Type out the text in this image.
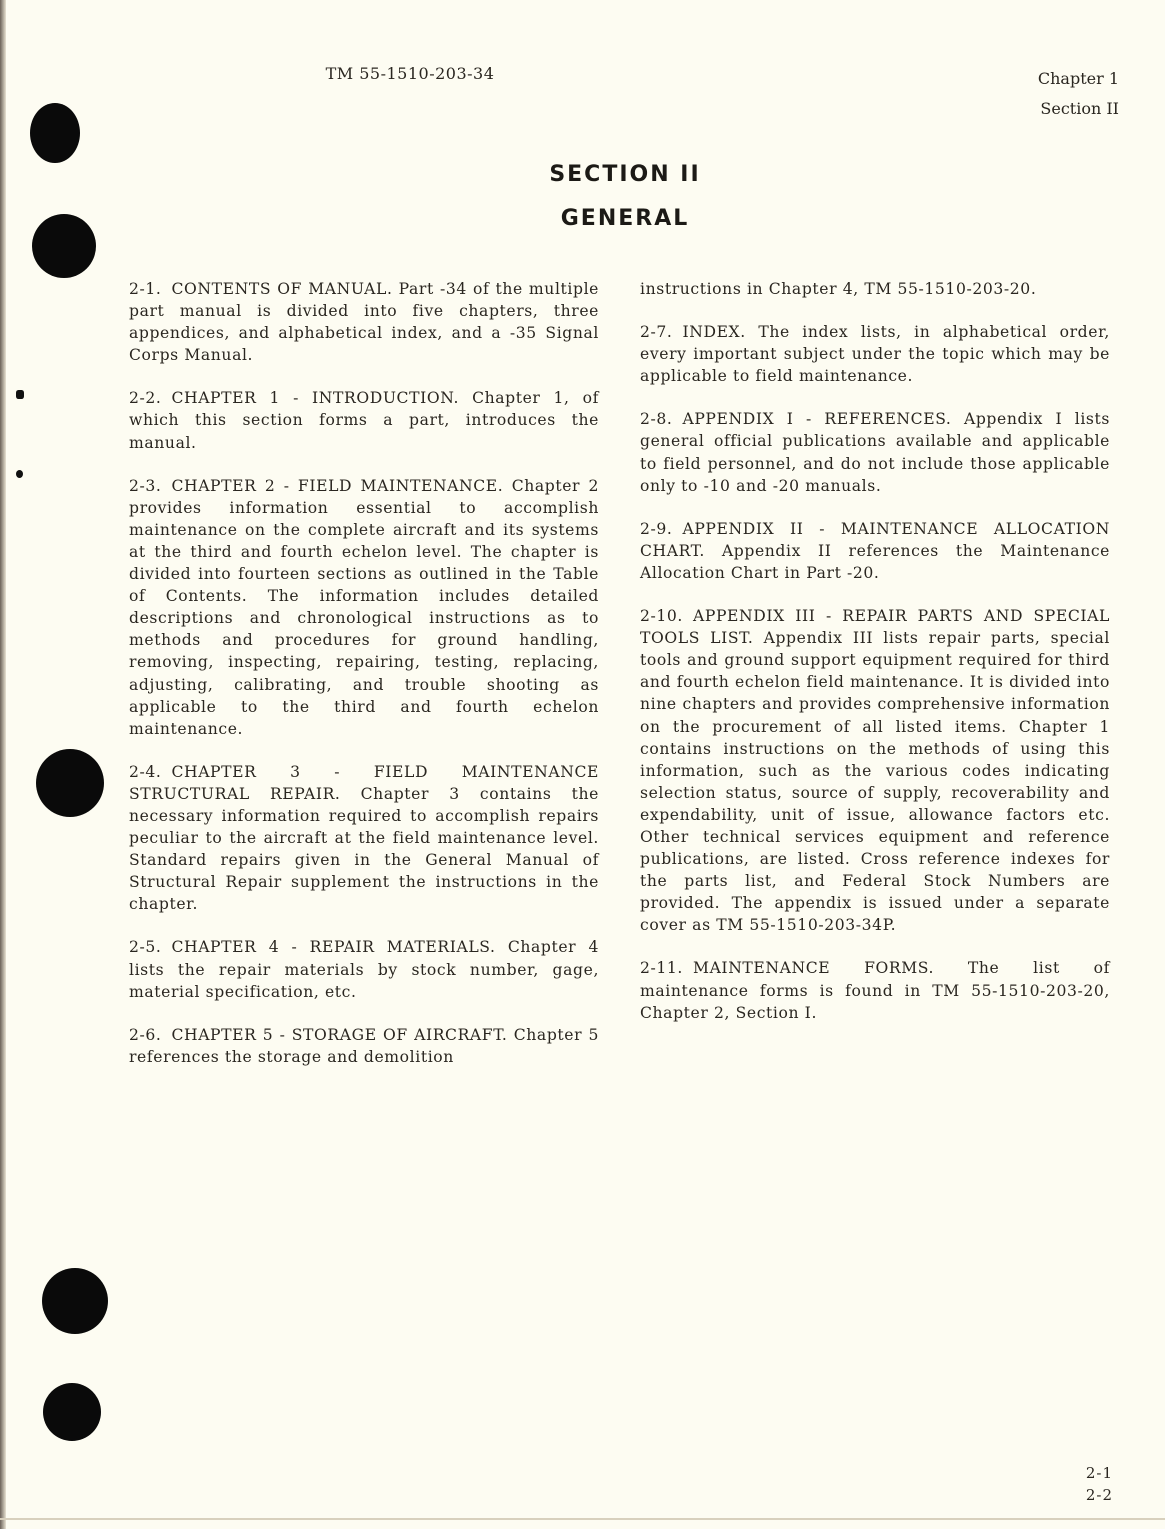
TM 55-1510-203-34	Chapter 1
Section II
SECTION II
GENERAL

2-1. CONTENTS OF MANUAL. Part -34 of the multiple part manual is divided into five chapters, three appendices, and alphabetical index, and a -35 Signal Corps Manual.

2-2. CHAPTER 1 - INTRODUCTION. Chapter 1, of which this section forms a part, introduces the manual.

2-3. CHAPTER 2 - FIELD MAINTENANCE. Chapter 2 provides information essential to accomplish maintenance on the complete aircraft and its systems at the third and fourth echelon level. The chapter is divided into fourteen sections as outlined in the Table of Contents. The information includes detailed descriptions and chronological instructions as to methods and procedures for ground handling, removing, inspecting, repairing, testing, replacing, adjusting, calibrating, and trouble shooting as applicable to the third and fourth echelon maintenance.

2-4. CHAPTER 3 - FIELD MAINTENANCE STRUCTURAL REPAIR. Chapter 3 contains the necessary information required to accomplish repairs peculiar to the aircraft at the field maintenance level. Standard repairs given in the General Manual of Structural Repair supplement the instructions in the chapter.

2-5. CHAPTER 4 - REPAIR MATERIALS. Chapter 4 lists the repair materials by stock number, gage, material specification, etc.

2-6. CHAPTER 5 - STORAGE OF AIRCRAFT. Chapter 5 references the storage and demolition

instructions in Chapter 4, TM 55-1510-203-20.

2-7. INDEX. The index lists, in alphabetical order, every important subject under the topic which may be applicable to field maintenance.

2-8. APPENDIX I - REFERENCES. Appendix I lists general official publications available and applicable to field personnel, and do not include those applicable only to -10 and -20 manuals.

2-9. APPENDIX II - MAINTENANCE ALLOCATION CHART. Appendix II references the Maintenance Allocation Chart in Part -20.

2-10. APPENDIX III - REPAIR PARTS AND SPECIAL TOOLS LIST. Appendix III lists repair parts, special tools and ground support equipment required for third and fourth echelon field maintenance. It is divided into nine chapters and provides comprehensive information on the procurement of all listed items. Chapter 1 contains instructions on the methods of using this information, such as the various codes indicating selection status, source of supply, recoverability and expendability, unit of issue, allowance factors etc. Other technical services equipment and reference publications, are listed. Cross reference indexes for the parts list, and Federal Stock Numbers are provided. The appendix is issued under a separate cover as TM 55-1510-203-34P.

2-11. MAINTENANCE FORMS. The list of maintenance forms is found in TM 55-1510-203-20, Chapter 2, Section I.

2-1
2-2
